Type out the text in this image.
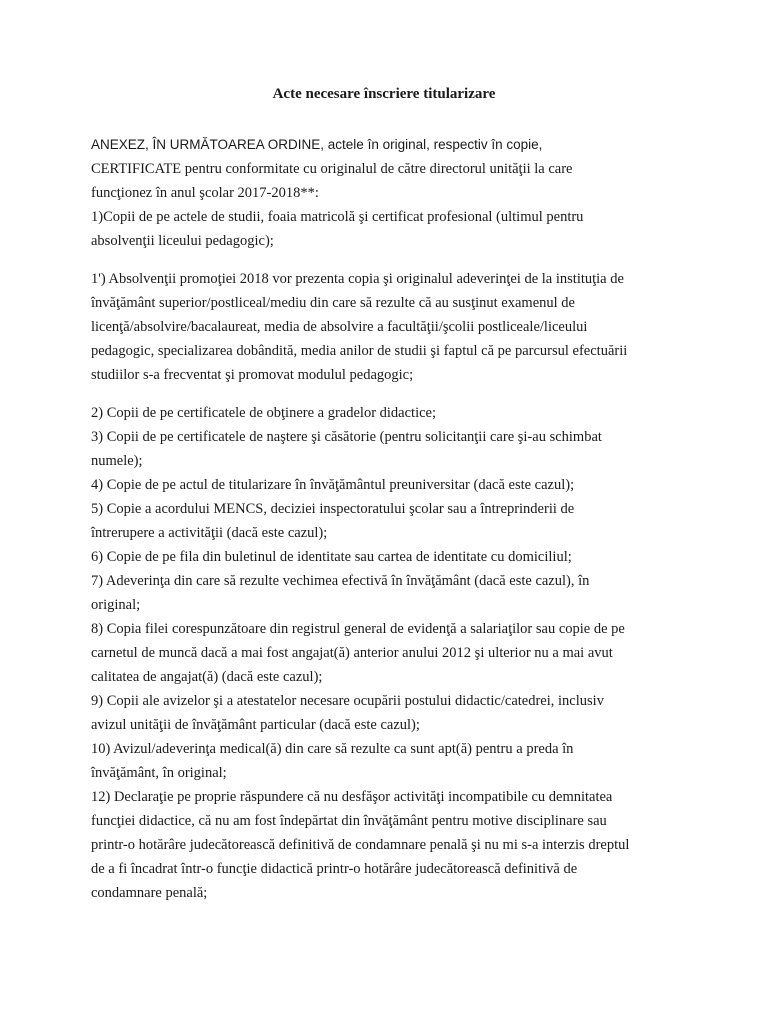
Acte necesare înscriere titularizare
ANEXEZ, ÎN URMĂTOAREA ORDINE, actele în original, respectiv în copie,
CERTIFICATE pentru conformitate cu originalul de către directorul unităţii la care
funcţionez în anul şcolar 2017-2018**:
1)Copii de pe actele de studii, foaia matricolă şi certificat profesional (ultimul pentru
absolvenţii liceului pedagogic);
1') Absolvenţii promoţiei 2018 vor prezenta copia şi originalul adeverinţei de la instituţia de
învăţământ superior/postliceal/mediu din care să rezulte că au susţinut examenul de
licenţă/absolvire/bacalaureat, media de absolvire a facultăţii/şcolii postliceale/liceului
pedagogic, specializarea dobândită, media anilor de studii şi faptul că pe parcursul efectuării
studiilor s-a frecventat şi promovat modulul pedagogic;
2) Copii de pe certificatele de obţinere a gradelor didactice;
3) Copii de pe certificatele de naştere şi căsătorie (pentru solicitanţii care şi-au schimbat
numele);
4) Copie de pe actul de titularizare în învăţământul preuniversitar (dacă este cazul);
5) Copie a acordului MENCS, deciziei inspectoratului şcolar sau a întreprinderii de
întrerupere a activităţii (dacă este cazul);
6) Copie de pe fila din buletinul de identitate sau cartea de identitate cu domiciliul;
7) Adeverinţa din care să rezulte vechimea efectivă în învăţământ (dacă este cazul), în
original;
8) Copia filei corespunzătoare din registrul general de evidenţă a salariaţilor sau copie de pe
carnetul de muncă dacă a mai fost angajat(ă) anterior anului 2012 şi ulterior nu a mai avut
calitatea de angajat(ă) (dacă este cazul);
9) Copii ale avizelor şi a atestatelor necesare ocupării postului didactic/catedrei, inclusiv
avizul unităţii de învăţământ particular (dacă este cazul);
10) Avizul/adeverinţa medical(ă) din care să rezulte ca sunt apt(ă) pentru a preda în
învăţământ, în original;
12) Declaraţie pe proprie răspundere că nu desfăşor activităţi incompatibile cu demnitatea
funcţiei didactice, că nu am fost îndepărtat din învăţământ pentru motive disciplinare sau
printr-o hotărâre judecătorească definitivă de condamnare penală şi nu mi s-a interzis dreptul
de a fi încadrat într-o funcţie didactică printr-o hotărâre judecătorească definitivă de
condamnare penală;
